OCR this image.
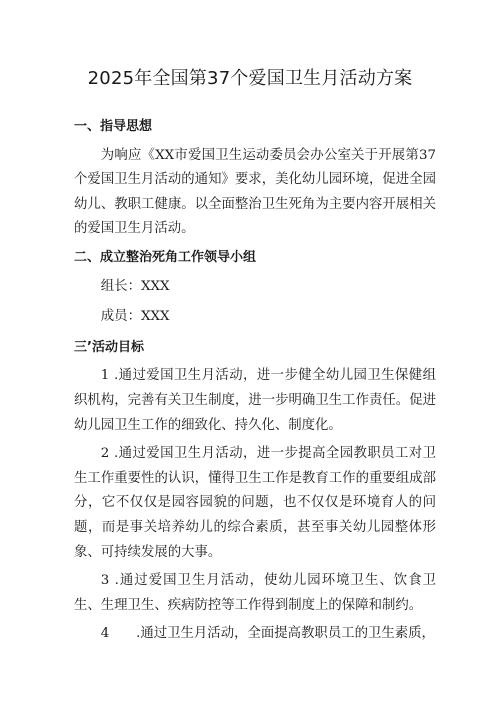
2025年全国第37个爱国卫生月活动方案
一、指导思想

为响应《XX市爱国卫生运动委员会办公室关于开展第37个爱国卫生月活动的通知》要求，美化幼儿园环境，促进全园幼儿、教职工健康。以全面整治卫生死角为主要内容开展相关的爱国卫生月活动。

二、成立整治死角工作领导小组
组长：XXX
成员：XXX
三’活动目标

1 .通过爱国卫生月活动，进一步健全幼儿园卫生保健组织机构，完善有关卫生制度，进一步明确卫生工作责任。促进幼儿园卫生工作的细致化、持久化、制度化。

2 .通过爱国卫生月活动，进一步提高全园教职员工对卫生工作重要性的认识，懂得卫生工作是教育工作的重要组成部分，它不仅仅是园容园貌的问题，也不仅仅是环境育人的问题，而是事关培养幼儿的综合素质，甚至事关幼儿园整体形象、可持续发展的大事。

3 .通过爱国卫生月活动，使幼儿园环境卫生、饮食卫生、生理卫生、疾病防控等工作得到制度上的保障和制约。

4　　.通过卫生月活动，全面提高教职员工的卫生素质，
